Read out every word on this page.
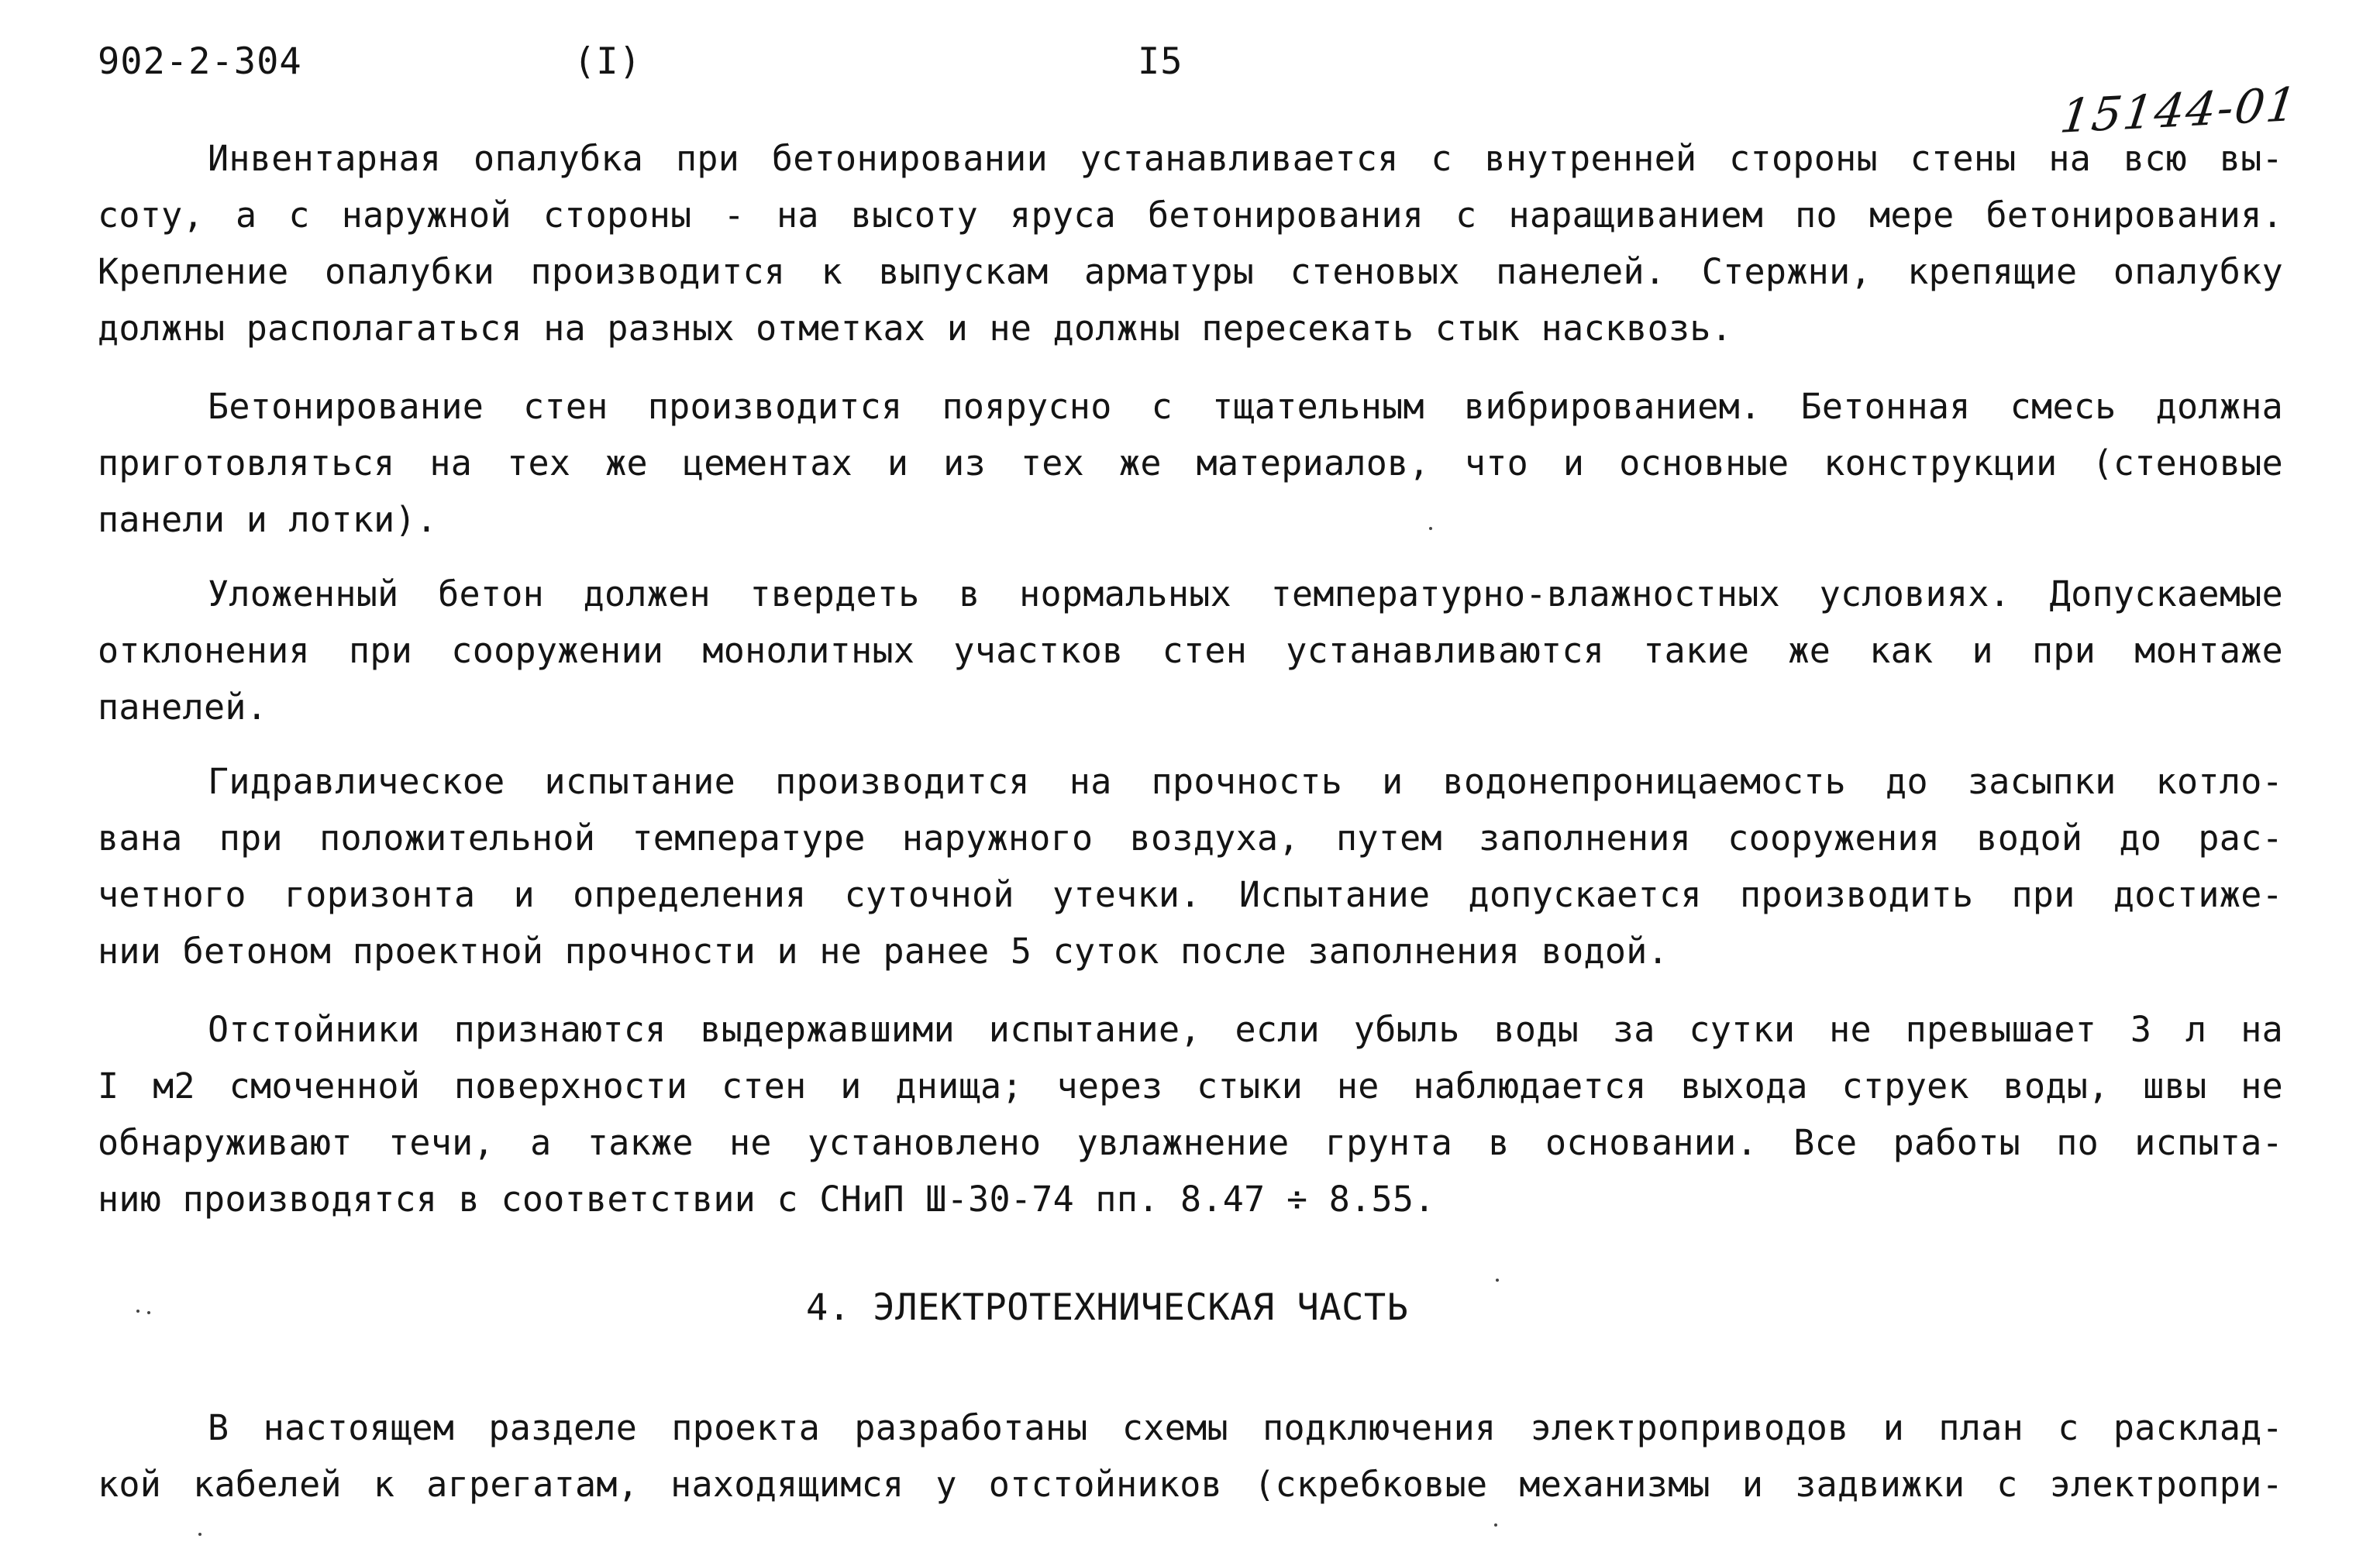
902-2-304	(I)	I5
15144-01
Инвентарная опалубка при бетонировании устанавливается с внутренней стороны стены на всю вы-
соту, а с наружной стороны - на высоту яруса бетонирования с наращиванием по мере бетонирования.
Крепление опалубки производится к выпускам арматуры стеновых панелей. Стержни, крепящие опалубку
должны располагаться на разных отметках и не должны пересекать стык насквозь.
Бетонирование стен производится поярусно с тщательным вибрированием. Бетонная смесь должна
приготовляться на тех же цементах и из тех же материалов, что и основные конструкции (стеновые
панели и лотки).
Уложенный бетон должен твердеть в нормальных температурно-влажностных условиях. Допускаемые
отклонения при сооружении монолитных участков стен устанавливаются такие же как и при монтаже
панелей.
Гидравлическое испытание производится на прочность и водонепроницаемость до засыпки котло-
вана при положительной температуре наружного воздуха, путем заполнения сооружения водой до рас-
четного горизонта и определения суточной утечки. Испытание допускается производить при достиже-
нии бетоном проектной прочности и не ранее 5 суток после заполнения водой.
Отстойники признаются выдержавшими испытание, если убыль воды за сутки не превышает 3 л на
I м2 смоченной поверхности стен и днища; через стыки не наблюдается выхода струек воды, швы не
обнаруживают течи, а также не установлено увлажнение грунта в основании. Все работы по испыта-
нию производятся в соответствии с СНиП Ш-30-74 пп. 8.47 ÷ 8.55.
4. ЭЛЕКТРОТЕХНИЧЕСКАЯ ЧАСТЬ
В настоящем разделе проекта разработаны схемы подключения электроприводов и план с расклад-
кой кабелей к агрегатам, находящимся у отстойников (скребковые механизмы и задвижки с электропри-
